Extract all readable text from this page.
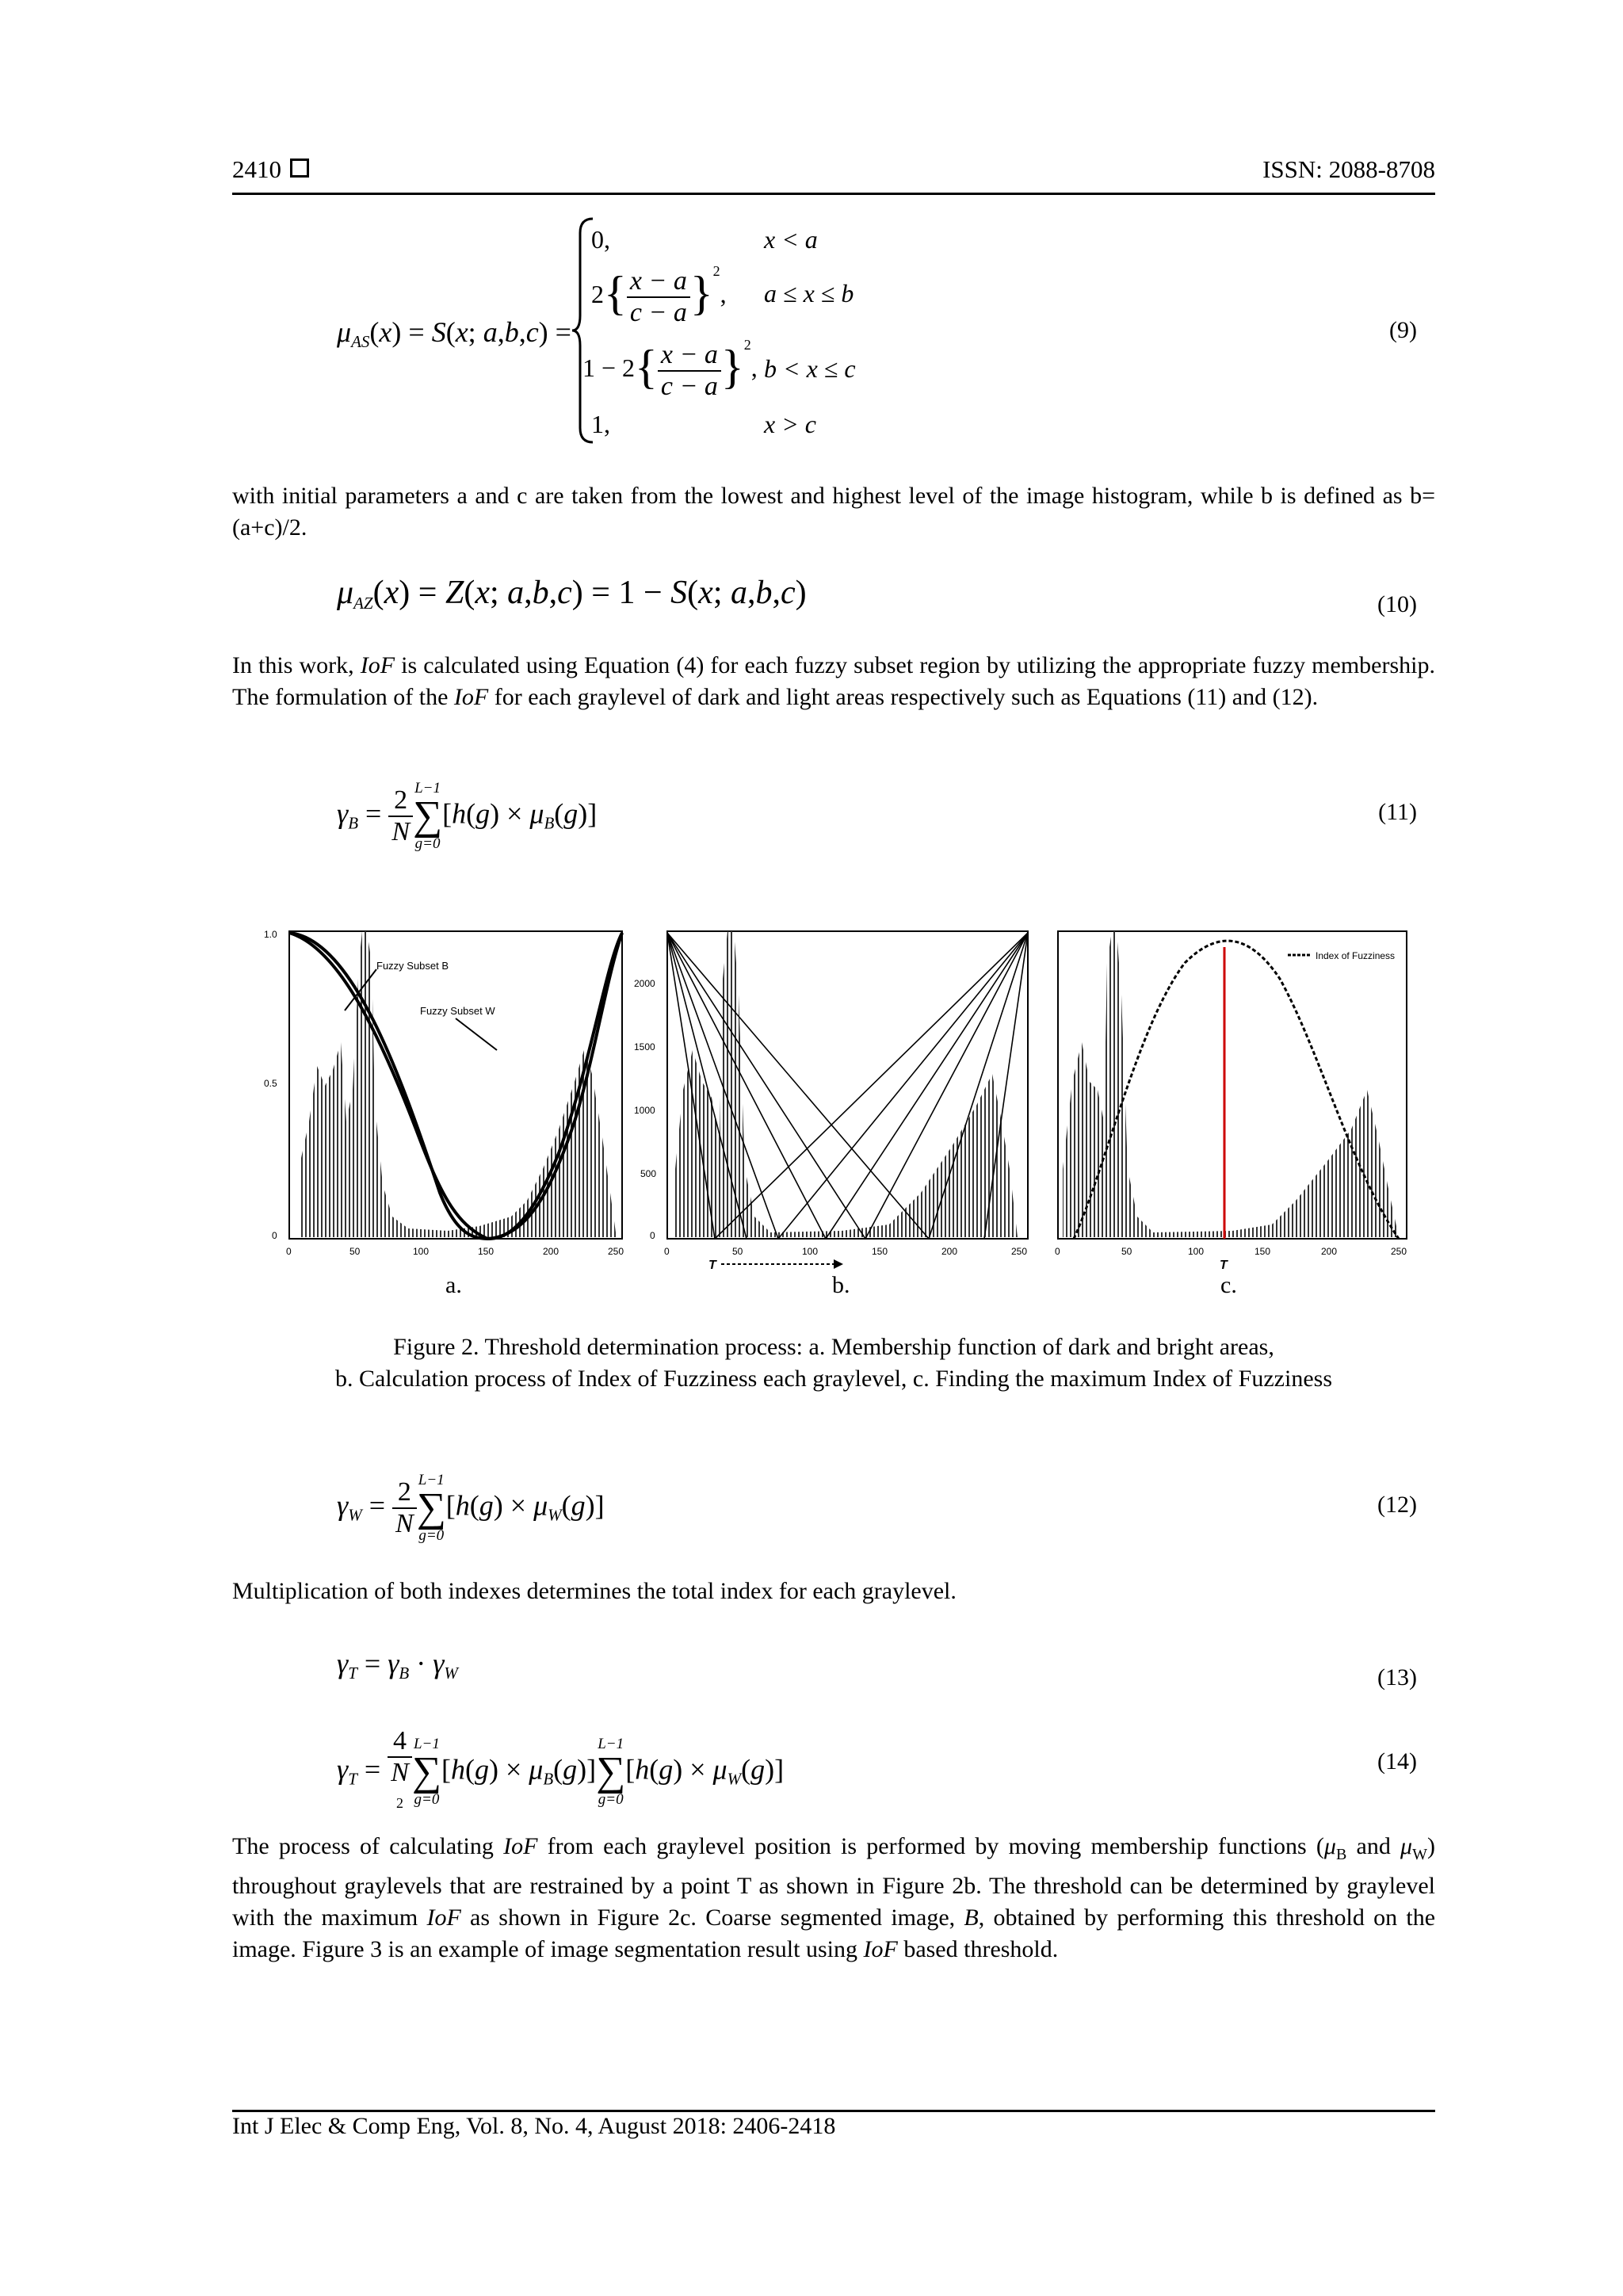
2410	ISSN: 2088-8708
$\mu_{AS}(x) = S(x$; a,b,c) =
0,	x < a
$2\{ \frac{x - a}{c - a} \}^2$, a ≤ x ≤ b
$1 - 2\{ \frac{x - a}{c - a} \}^2$, b < x ≤ c
1,	x > c
(9)
with initial parameters a and c are taken from the lowest and highest level of the image histogram, while b is defined as b=(a+c)/2.
$\mu_{AZ}(x) = Z(x$; a,b,c) = 1 − S(x; a,b,c)	(10)
In this work, IoF is calculated using Equation (4) for each fuzzy subset region by utilizing the appropriate fuzzy membership. The formulation of the IoF for each graylevel of dark and light areas respectively such as Equations (11) and (12).
$\gamma_B = \frac{2}{N} L-1$
∑
g=0
$[h(g) \times \mu_B(g)]$	(11)
Fuzzy Subset B
Fuzzy Subset W
1.0
0.5
0
0	50	100	150	200	250
2000
1500
1000
500
0
0	50	100	150	200	250
T
Index of Fuzziness
0	50	100	150	200	250
T
a.	b.	c.
Figure 2. Threshold determination process: a. Membership function of dark and bright areas,
b. Calculation process of Index of Fuzziness each graylevel, c. Finding the maximum Index of Fuzziness
$\gamma_W = \frac{2}{N} L-1$
∑
g=0
$[h(g) \times \mu_W(g)]$	(12)
Multiplication of both indexes determines the total index for each graylevel.
$\gamma_T = \gamma_B \cdot \gamma_W$	(13)
$\gamma_T = 4$
N
2 L−1
∑
g=0
$[h(g) \times \mu_B(g)]$
L−1
∑
g=0
$[h(g) \times \mu_W(g)]$	(14)
The process of calculating IoF from each graylevel position is performed by moving membership functions ($\mu_B$ and $\mu_W$) throughout graylevels that are restrained by a point T as shown in Figure 2b. The threshold can be determined by graylevel with the maximum IoF as shown in Figure 2c. Coarse segmented image, B, obtained by performing this threshold on the image. Figure 3 is an example of image segmentation result using IoF based threshold.
Int J Elec & Comp Eng, Vol. 8, No. 4, August 2018: 2406-2418
